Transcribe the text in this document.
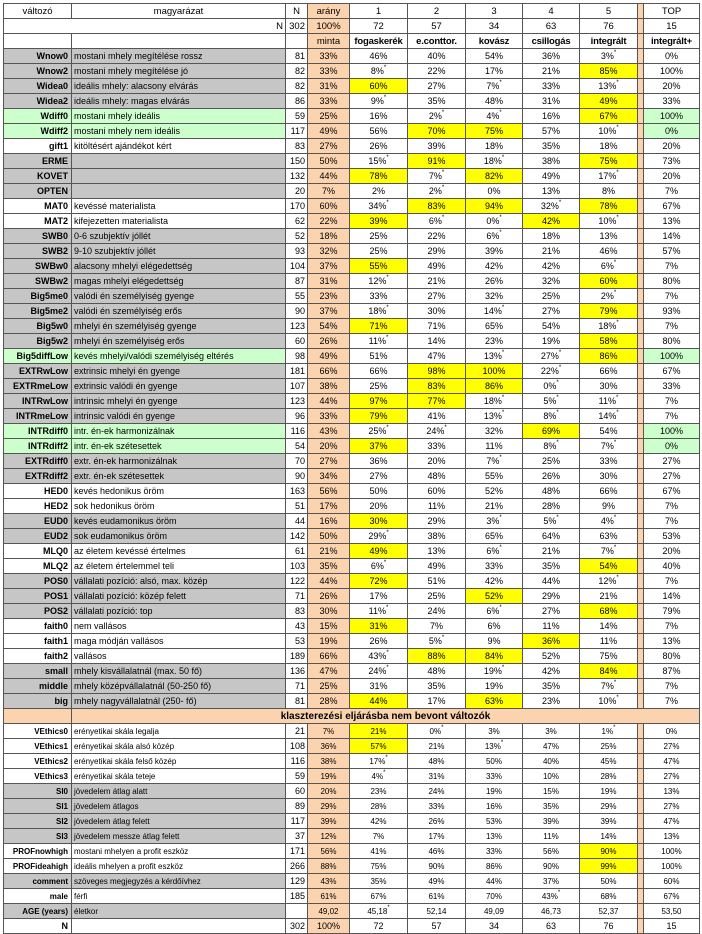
változó	magyarázat	N	arány	1	2	3	4	5		TOP
N		302	100%	72	57	34	63	76		15
			minta	fogaskerék	e.conttor.	kovász	csillogás	integrált		integrált+
Wnow0	mostani mhely megítélése rossz	81	33%	46%	40%	54%	36%	3%*		0%
Wnow2	mostani mhely megítélése jó	82	33%	8%*	22%	17%	21%	85%		100%
Widea0	ideális mhely: alacsony elvárás	82	31%	60%	27%	7%*	33%	13%*		20%
Widea2	ideális mhely: magas elvárás	86	33%	9%*	35%	48%	31%	49%		33%
Wdiff0	mostani mhely ideális	59	25%	16%	2%*	4%*	16%	67%		100%
Wdiff2	mostani mhely nem ideális	117	49%	56%	70%	75%	57%	10%*		0%
gift1	kitöltésért ajándékot kért	83	27%	26%	39%	18%	35%	18%		20%
ERME		150	50%	15%*	91%	18%*	38%	75%		73%
KOVET		132	44%	78%	7%*	82%	49%	17%*		20%
OPTEN		20	7%	2%	2%*	0%	13%	8%		7%
MAT0	kevéssé materialista	170	60%	34%*	83%	94%	32%*	78%		67%
MAT2	kifejezetten materialista	62	22%	39%	6%*	0%*	42%	10%*		13%
SWB0	0-6 szubjektív jóllét	52	18%	25%	22%	6%*	18%	13%		14%
SWB2	9-10 szubjektív jóllét	93	32%	25%	29%	39%	21%	46%		57%
SWBw0	alacsony mhelyi elégedettség	104	37%	55%	49%	42%	42%	6%*		7%
SWBw2	magas mhelyi elégedettség	87	31%	12%*	21%	26%	32%	60%		80%
Big5me0	valódi én személyiség gyenge	55	23%	33%	27%	32%	25%	2%*		7%
Big5me2	valódi én személyiség erős	90	37%	18%*	30%	14%*	27%	79%		93%
Big5w0	mhelyi én személyiség gyenge	123	54%	71%	71%	65%	54%	18%*		7%
Big5w2	mhelyi én személyiség erős	60	26%	11%*	14%	23%	19%	58%		80%
Big5diffLow	kevés mhelyi/valódi személyiség eltérés	98	49%	51%	47%	13%*	27%*	86%		100%
EXTRwLow	extrinsic mhelyi én gyenge	181	66%	66%	98%	100%	22%*	66%		67%
EXTRmeLow	extrinsic valódi én gyenge	107	38%	25%	83%	86%	0%*	30%		33%
INTRwLow	intrinsic mhelyi én gyenge	123	44%	97%	77%	18%*	5%*	11%*		7%
INTRmeLow	intrinsic valódi én gyenge	96	33%	79%	41%	13%*	8%*	14%*		7%
INTRdiff0	intr. én-ek harmonizálnak	116	43%	25%*	24%*	32%	69%	54%		100%
INTRdiff2	intr. én-ek szétesettek	54	20%	37%	33%	11%	8%*	7%*		0%
EXTRdiff0	extr. én-ek harmonizálnak	70	27%	36%	20%	7%*	25%	33%		27%
EXTRdiff2	extr. én-ek szétesettek	90	34%	27%	48%	55%	26%	30%		27%
HED0	kevés hedonikus öröm	163	56%	50%	60%	52%	48%	66%		67%
HED2	sok hedonikus öröm	51	17%	20%	11%	21%	28%	9%		7%
EUD0	kevés eudamonikus öröm	44	16%	30%	29%	3%*	5%*	4%*		7%
EUD2	sok eudamonikus öröm	142	50%	29%*	38%	65%	64%	63%		53%
MLQ0	az életem kevéssé értelmes	61	21%	49%	13%	6%*	21%	7%*		20%
MLQ2	az életem értelemmel teli	103	35%	6%*	49%	33%	35%	54%		40%
POS0	vállalati pozíció: alsó, max. közép	122	44%	72%	51%	42%	44%	12%*		7%
POS1	vállalati pozíció: közép felett	71	26%	17%	25%	52%	29%	21%		14%
POS2	vállalati pozíció: top	83	30%	11%*	24%	6%*	27%	68%		79%
faith0	nem vallásos	43	15%	31%	7%	6%	11%	14%		7%
faith1	maga módján vallásos	53	19%	26%	5%*	9%	36%	11%		13%
faith2	vallásos	189	66%	43%*	88%	84%	52%	75%		80%
small	mhely kisvállalatnál (max. 50 fő)	136	47%	24%*	48%	19%*	42%	84%		87%
middle	mhely középvállalatnál (50-250 fő)	71	25%	31%	35%	19%	35%	7%*		7%
big	mhely nagyvállalatnál (250- fő)	81	28%	44%	17%	63%	23%	10%*		7%
	klaszterezési eljárásba nem bevont változók									
VEthics0	erényetikai skála legalja	21	7%	21%	0%*	3%	3%	1%*		0%
VEthics1	erényetikai skála alsó közép	108	36%	57%	21%	13%*	47%	25%		27%
VEthics2	erényetikai skála felső közép	116	38%	17%*	48%	50%	40%	45%		47%
VEthics3	erényetikai skála teteje	59	19%	4%*	31%	33%	10%	28%		27%
SI0	jövedelem átlag alatt	60	20%	23%	24%	19%	15%	19%		13%
SI1	jövedelem átlagos	89	29%	28%	33%	16%	35%	29%		27%
SI2	jövedelem átlag felett	117	39%	42%	26%	53%	39%	39%		47%
SI3	jövedelem messze átlag felett	37	12%	7%	17%	13%	11%	14%		13%
PROFnowhigh	mostani mhelyen a profit eszköz	171	56%	41%	46%	33%	56%	90%		100%
PROFideahigh	ideális mhelyen a profit eszköz	266	88%	75%	90%	86%	90%	99%		100%
comment	szöveges megjegyzés a kérdőívhez	129	43%	35%	49%	44%	37%	50%		60%
male	férfi	185	61%	67%	61%	70%	43%*	68%		67%
AGE (years)	életkor		49,02	45,18*	52,14	49,09	46,73	52,37		53,50
N		302	100%	72	57	34	63	76		15
